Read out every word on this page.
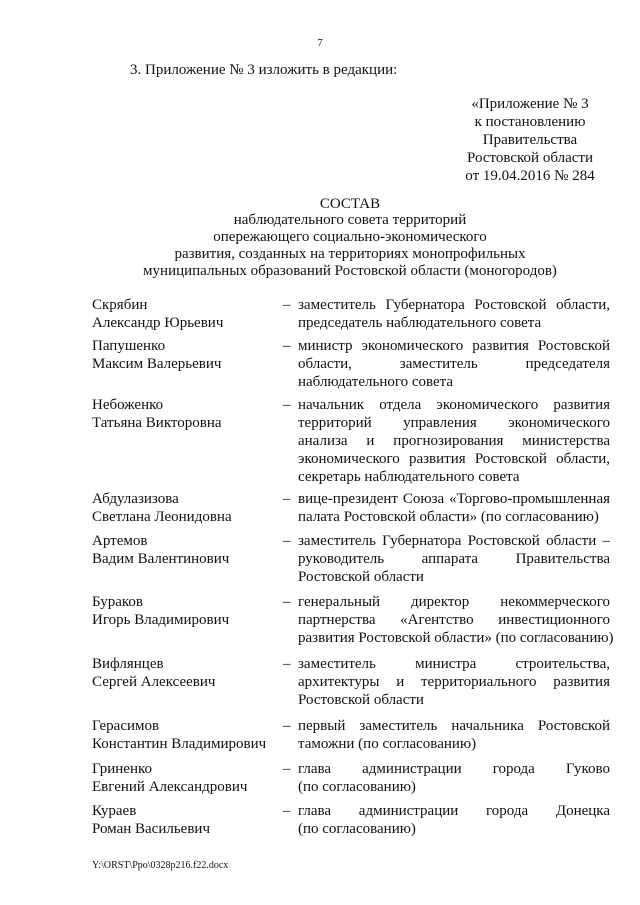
7
3. Приложение № 3 изложить в редакции:
«Приложение № 3
к постановлению
Правительства
Ростовской области
от 19.04.2016 № 284
СОСТАВ
наблюдательного совета территорий
опережающего социально-экономического
развития, созданных на территориях монопрофильных
муниципальных образований Ростовской области (моногородов)
Скрябин
Александр Юрьевич
– заместитель Губернатора Ростовской области,
председатель наблюдательного совета
Папушенко
Максим Валерьевич
– министр экономического развития Ростовской
области, заместитель председателя
наблюдательного совета
Небоженко
Татьяна Викторовна
– начальник отдела экономического развития
территорий управления экономического
анализа и прогнозирования министерства
экономического развития Ростовской области,
секретарь наблюдательного совета
Абдулазизова
Светлана Леонидовна
– вице-президент Союза «Торгово-промышленная
палата Ростовской области» (по согласованию)
Артемов
Вадим Валентинович
– заместитель Губернатора Ростовской области –
руководитель аппарата Правительства
Ростовской области
Бураков
Игорь Владимирович
– генеральный директор некоммерческого
партнерства «Агентство инвестиционного
развития Ростовской области» (по согласованию)
Вифлянцев
Сергей Алексеевич
– заместитель министра строительства,
архитектуры и территориального развития
Ростовской области
Герасимов
Константин Владимирович
– первый заместитель начальника Ростовской
таможни (по согласованию)
Гриненко
Евгений Александрович
– глава администрации города Гуково
(по согласованию)
Кураев
Роман Васильевич
– глава администрации города Донецка
(по согласованию)
Y:\ORST\Ppo\0328p216.f22.docx
